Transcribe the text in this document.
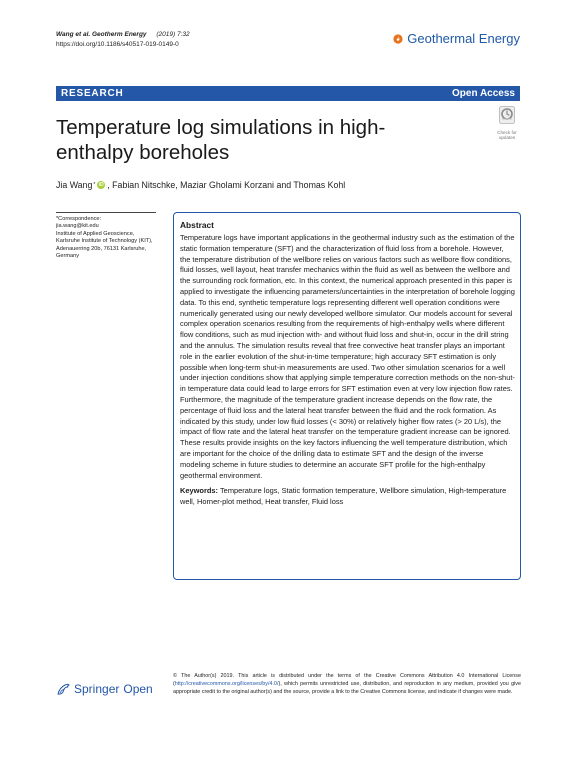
Wang et al. Geotherm Energy (2019) 7:32
https://doi.org/10.1186/s40517-019-0149-0	Geothermal Energy
RESEARCH	Open Access
Temperature log simulations in high-enthalpy boreholes
Check for updates
Jia Wang * iD , Fabian Nitschke, Maziar Gholami Korzani and Thomas Kohl
*Correspondence:
jia.wang@kit.edu
Institute of Applied Geoscience, Karlsruhe Institute of Technology (KIT), Adenauerring 20b, 76131 Karlsruhe, Germany
Abstract

Temperature logs have important applications in the geothermal industry such as the estimation of the static formation temperature (SFT) and the characterization of fluid loss from a borehole. However, the temperature distribution of the wellbore relies on various factors such as wellbore flow conditions, fluid losses, well layout, heat transfer mechanics within the fluid as well as between the wellbore and the surrounding rock formation, etc. In this context, the numerical approach presented in this paper is applied to investigate the influencing parameters/uncertainties in the interpretation of borehole logging data. To this end, synthetic temperature logs representing different well operation conditions were numerically generated using our newly developed wellbore simulator. Our models account for several complex operation scenarios resulting from the requirements of high-enthalpy wells where different flow conditions, such as mud injection with- and without fluid loss and shut-in, occur in the drill string and the annulus. The simulation results reveal that free convective heat transfer plays an important role in the earlier evolution of the shut-in-time temperature; high accuracy SFT estimation is only possible when long-term shut-in measurements are used. Two other simulation scenarios for a well under injection conditions show that applying simple temperature correction methods on the non-shut-in temperature data could lead to large errors for SFT estimation even at very low injection flow rates. Furthermore, the magnitude of the temperature gradient increase depends on the flow rate, the percentage of fluid loss and the lateral heat transfer between the fluid and the rock formation. As indicated by this study, under low fluid losses (< 30%) or relatively higher flow rates (> 20 L/s), the impact of flow rate and the lateral heat transfer on the temperature gradient increase can be ignored. These results provide insights on the key factors influencing the well temperature distribution, which are important for the choice of the drilling data to estimate SFT and the design of the inverse modeling scheme in future studies to determine an accurate SFT profile for the high-enthalpy geothermal environment.

Keywords: Temperature logs, Static formation temperature, Wellbore simulation, High-temperature well, Horner-plot method, Heat transfer, Fluid loss
Springer Open
© The Author(s) 2019. This article is distributed under the terms of the Creative Commons Attribution 4.0 International License (http://creativecommons.org/licenses/by/4.0/), which permits unrestricted use, distribution, and reproduction in any medium, provided you give appropriate credit to the original author(s) and the source, provide a link to the Creative Commons license, and indicate if changes were made.
